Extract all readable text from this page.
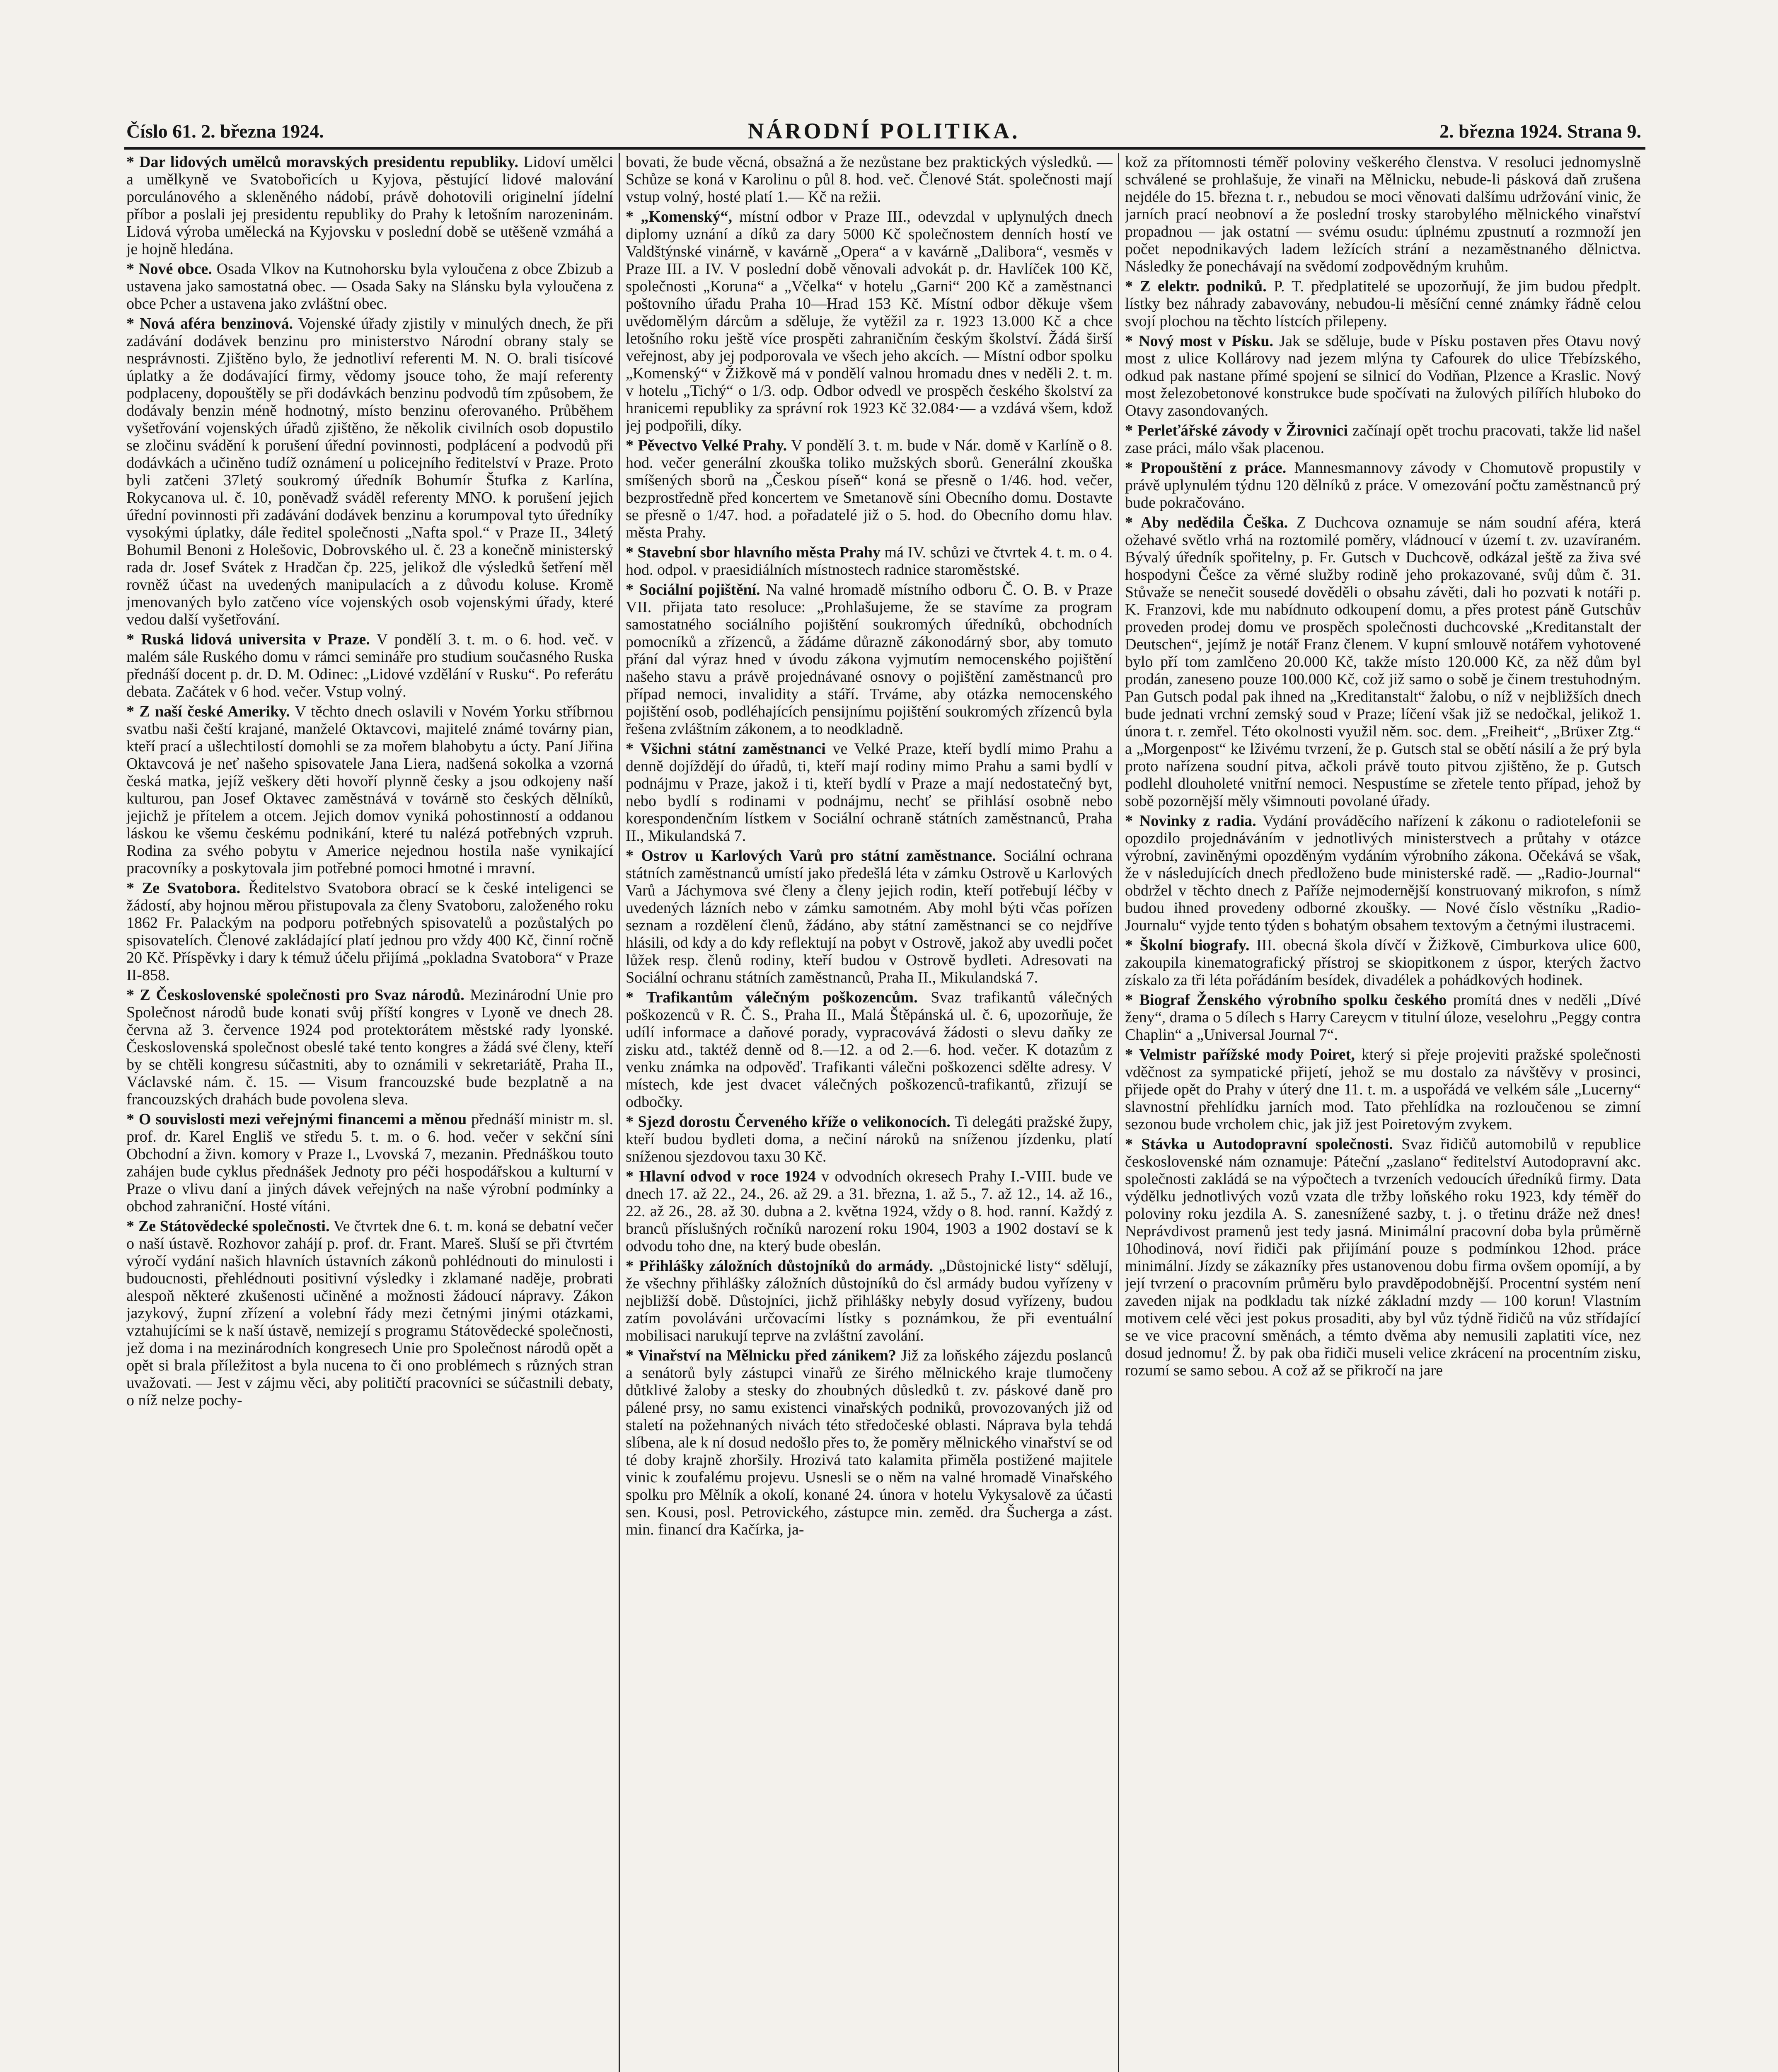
Číslo 61. 2. března 1924.	NÁRODNÍ POLITIKA.	2. března 1924. Strana 9.

* Dar lidových umělců moravských presidentu republiky. Lidoví umělci a umělkyně ve Svatobořicích u Kyjova, pěstující lidové malování porculánového a skleněného nádobí, právě dohotovili originelní jídelní příbor a poslali jej presidentu republiky do Prahy k letošním narozeninám. Lidová výroba umělecká na Kyjovsku v poslední době se utěšeně vzmáhá a je hojně hledána.

* Nové obce. Osada Vlkov na Kutnohorsku byla vyloučena z obce Zbizub a ustavena jako samostatná obec. — Osada Saky na Slánsku byla vyloučena z obce Pcher a ustavena jako zvláštní obec.

* Nová aféra benzinová. Vojenské úřady zjistily v minulých dnech, že při zadávání dodávek benzinu pro ministerstvo Národní obrany staly se nesprávnosti. Zjištěno bylo, že jednotliví referenti M. N. O. brali tisícové úplatky a že dodávající firmy, vědomy jsouce toho, že mají referenty podplaceny, dopouštěly se při dodávkách benzinu podvodů tím způsobem, že dodávaly benzin méně hodnotný, místo benzinu oferovaného. Průběhem vyšetřování vojenských úřadů zjištěno, že několik civilních osob dopustilo se zločinu svádění k porušení úřední povinnosti, podplácení a podvodů při dodávkách a učiněno tudíž oznámení u policejního ředitelství v Praze. Proto byli zatčeni 37letý soukromý úředník Bohumír Štufka z Karlína, Rokycanova ul. č. 10, poněvadž sváděl referenty MNO. k porušení jejich úřední povinnosti při zadávání dodávek benzinu a korumpoval tyto úředníky vysokými úplatky, dále ředitel společnosti „Nafta spol.“ v Praze II., 34letý Bohumil Benoni z Holešovic, Dobrovského ul. č. 23 a konečně ministerský rada dr. Josef Svátek z Hradčan čp. 225, jelikož dle výsledků šetření měl rovněž účast na uvedených manipulacích a z důvodu koluse. Kromě jmenovaných bylo zatčeno více vojenských osob vojenskými úřady, které vedou další vyšetřování.

* Ruská lidová universita v Praze. V pondělí 3. t. m. o 6. hod. več. v malém sále Ruského domu v rámci semináře pro studium současného Ruska přednáší docent p. dr. D. M. Odinec: „Lidové vzdělání v Rusku“. Po referátu debata. Začátek v 6 hod. večer. Vstup volný.

* Z naší české Ameriky. V těchto dnech oslavili v Novém Yorku stříbrnou svatbu naši čeští krajané, manželé Oktavcovi, majitelé známé továrny pian, kteří prací a ušlechtilostí domohli se za mořem blahobytu a úcty. Paní Jiřina Oktavcová je neť našeho spisovatele Jana Liera, nadšená sokolka a vzorná česká matka, jejíž veškery děti hovoří plynně česky a jsou odkojeny naší kulturou, pan Josef Oktavec zaměstnává v továrně sto českých dělníků, jejichž je přítelem a otcem. Jejich domov vyniká pohostinností a oddanou láskou ke všemu českému podnikání, které tu nalézá potřebných vzpruh. Rodina za svého pobytu v Americe nejednou hostila naše vynikající pracovníky a poskytovala jim potřebné pomoci hmotné i mravní.

* Ze Svatobora. Ředitelstvo Svatobora obrací se k české inteligenci se žádostí, aby hojnou měrou přistupovala za členy Svatoboru, založeného roku 1862 Fr. Palackým na podporu potřebných spisovatelů a pozůstalých po spisovatelích. Členové zakládající platí jednou pro vždy 400 Kč, činní ročně 20 Kč. Příspěvky i dary k témuž účelu přijímá „pokladna Svatobora“ v Praze II-858.

* Z Československé společnosti pro Svaz národů. Mezinárodní Unie pro Společnost národů bude konati svůj příští kongres v Lyoně ve dnech 28. června až 3. července 1924 pod protektorátem městské rady lyonské. Československá společnost obeslé také tento kongres a žádá své členy, kteří by se chtěli kongresu súčastniti, aby to oznámili v sekretariátě, Praha II., Václavské nám. č. 15. — Visum francouzské bude bezplatně a na francouzských drahách bude povolena sleva.

* O souvislosti mezi veřejnými financemi a měnou přednáší ministr m. sl. prof. dr. Karel Engliš ve středu 5. t. m. o 6. hod. večer v sekční síni Obchodní a živn. komory v Praze I., Lvovská 7, mezanin. Přednáškou touto zahájen bude cyklus přednášek Jednoty pro péči hospodářskou a kulturní v Praze o vlivu daní a jiných dávek veřejných na naše výrobní podmínky a obchod zahraniční. Hosté vítáni.

* Ze Státovědecké společnosti. Ve čtvrtek dne 6. t. m. koná se debatní večer o naší ústavě. Rozhovor zahájí p. prof. dr. Frant. Mareš. Sluší se při čtvrtém výročí vydání našich hlavních ústavních zákonů pohlédnouti do minulosti i budoucnosti, přehlédnouti positivní výsledky i zklamané naděje, probrati alespoň některé zkušenosti učiněné a možnosti žádoucí nápravy. Zákon jazykový, župní zřízení a volební řády mezi četnými jinými otázkami, vztahujícími se k naší ústavě, nemizejí s programu Státovědecké společnosti, jež doma i na mezinárodních kongresech Unie pro Společnost národů opět a opět si brala příležitost a byla nucena to či ono problémech s různých stran uvažovati. — Jest v zájmu věci, aby političtí pracovníci se súčastnili debaty, o níž nelze pochy-

bovati, že bude věcná, obsažná a že nezůstane bez praktických výsledků. — Schůze se koná v Karolinu o půl 8. hod. več. Členové Stát. společnosti mají vstup volný, hosté platí 1.— Kč na režii.

* „Komenský“, místní odbor v Praze III., odevzdal v uplynulých dnech diplomy uznání a díků za dary 5000 Kč společnostem denních hostí ve Valdštýnské vinárně, v kavárně „Opera“ a v kavárně „Dalibora“, vesměs v Praze III. a IV. V poslední době věnovali advokát p. dr. Havlíček 100 Kč, společnosti „Koruna“ a „Včelka“ v hotelu „Garni“ 200 Kč a zaměstnanci poštovního úřadu Praha 10—Hrad 153 Kč. Místní odbor děkuje všem uvědomělým dárcům a sděluje, že vytěžil za r. 1923 13.000 Kč a chce letošního roku ještě více prospěti zahraničním českým školství. Žádá širší veřejnost, aby jej podporovala ve všech jeho akcích. — Místní odbor spolku „Komenský“ v Žižkově má v pondělí valnou hromadu dnes v neděli 2. t. m. v hotelu „Tichý“ o 1/3. odp. Odbor odvedl ve prospěch českého školství za hranicemi republiky za správní rok 1923 Kč 32.084·— a vzdává všem, kdož jej podpořili, díky.

* Pěvectvo Velké Prahy. V pondělí 3. t. m. bude v Nár. domě v Karlíně o 8. hod. večer generální zkouška toliko mužských sborů. Generální zkouška smíšených sborů na „Českou píseň“ koná se přesně o 1/46. hod. večer, bezprostředně před koncertem ve Smetanově síni Obecního domu. Dostavte se přesně o 1/47. hod. a pořadatelé již o 5. hod. do Obecního domu hlav. města Prahy.

* Stavební sbor hlavního města Prahy má IV. schůzi ve čtvrtek 4. t. m. o 4. hod. odpol. v praesidiálních místnostech radnice staroměstské.

* Sociální pojištění. Na valné hromadě místního odboru Č. O. B. v Praze VII. přijata tato resoluce: „Prohlašujeme, že se stavíme za program samostatného sociálního pojištění soukromých úředníků, obchodních pomocníků a zřízenců, a žádáme důrazně zákonodárný sbor, aby tomuto přání dal výraz hned v úvodu zákona vyjmutím nemocenského pojištění našeho stavu a právě projednávané osnovy o pojištění zaměstnanců pro případ nemoci, invalidity a stáří. Trváme, aby otázka nemocenského pojištění osob, podléhajících pensijnímu pojištění soukromých zřízenců byla řešena zvláštním zákonem, a to neodkladně.

* Všichni státní zaměstnanci ve Velké Praze, kteří bydlí mimo Prahu a denně dojíždějí do úřadů, ti, kteří mají rodiny mimo Prahu a sami bydlí v podnájmu v Praze, jakož i ti, kteří bydlí v Praze a mají nedostatečný byt, nebo bydlí s rodinami v podnájmu, nechť se přihlásí osobně nebo korespondenčním lístkem v Sociální ochraně státních zaměstnanců, Praha II., Mikulandská 7.

* Ostrov u Karlových Varů pro státní zaměstnance. Sociální ochrana státních zaměstnanců umístí jako předešlá léta v zámku Ostrově u Karlových Varů a Jáchymova své členy a členy jejich rodin, kteří potřebují léčby v uvedených lázních nebo v zámku samotném. Aby mohl býti včas pořízen seznam a rozdělení členů, žádáno, aby státní zaměstnanci se co nejdříve hlásili, od kdy a do kdy reflektují na pobyt v Ostrově, jakož aby uvedli počet lůžek resp. členů rodiny, kteří budou v Ostrově bydleti. Adresovati na Sociální ochranu státních zaměstnanců, Praha II., Mikulandská 7.

* Trafikantům válečným poškozencům. Svaz trafikantů válečných poškozenců v R. Č. S., Praha II., Malá Štěpánská ul. č. 6, upozorňuje, že udílí informace a daňové porady, vypracovává žádosti o slevu daňky ze zisku atd., taktéž denně od 8.—12. a od 2.—6. hod. večer. K dotazům z venku známka na odpověď. Trafikanti válečni poškozenci sdělte adresy. V místech, kde jest dvacet válečných poškozenců-trafikantů, zřizují se odbočky.

* Sjezd dorostu Červeného kříže o velikonocích. Ti delegáti pražské župy, kteří budou bydleti doma, a nečiní nároků na sníženou jízdenku, platí sníženou sjezdovou taxu 30 Kč.

* Hlavní odvod v roce 1924 v odvodních okresech Prahy I.-VIII. bude ve dnech 17. až 22., 24., 26. až 29. a 31. března, 1. až 5., 7. až 12., 14. až 16., 22. až 26., 28. až 30. dubna a 2. května 1924, vždy o 8. hod. ranní. Každý z branců příslušných ročníků narození roku 1904, 1903 a 1902 dostaví se k odvodu toho dne, na který bude obeslán.

* Přihlášky záložních důstojníků do armády. „Důstojnické listy“ sdělují, že všechny přihlášky záložních důstojníků do čsl armády budou vyřízeny v nejbližší době. Důstojníci, jichž přihlášky nebyly dosud vyřízeny, budou zatím povoláváni určovacími lístky s poznámkou, že při eventuální mobilisaci narukují teprve na zvláštní zavolání.

* Vinařství na Mělnicku před zánikem? Již za loňského zájezdu poslanců a senátorů byly zástupci vinařů ze širého mělnického kraje tlumočeny důtklivé žaloby a stesky do zhoubných důsledků t. zv. páskové daně pro pálené prsy, no samu existenci vinařských podniků, provozovaných již od staletí na požehnaných nivách této středočeské oblasti. Náprava byla tehdá slíbena, ale k ní dosud nedošlo přes to, že poměry mělnického vinařství se od té doby krajně zhoršily. Hrozivá tato kalamita přiměla postižené majitele vinic k zoufalému projevu. Usnesli se o něm na valné hromadě Vinařského spolku pro Mělník a okolí, konané 24. února v hotelu Vykysalově za účasti sen. Kousi, posl. Petrovického, zástupce min. zeměd. dra Šucherga a zást. min. financí dra Kačírka, ja-

kož za přítomnosti téměř poloviny veškerého členstva. V resoluci jednomyslně schválené se prohlašuje, že vinaři na Mělnicku, nebude-li pásková daň zrušena nejdéle do 15. března t. r., nebudou se moci věnovati dalšímu udržování vinic, že jarních prací neobnoví a že poslední trosky starobylého mělnického vinařství propadnou — jak ostatní — svému osudu: úplnému zpustnutí a rozmnoží jen počet nepodnikavých ladem ležících strání a nezaměstnaného dělnictva. Následky že ponechávají na svědomí zodpovědným kruhům.

* Z elektr. podniků. P. T. předplatitelé se upozorňují, že jim budou předplt. lístky bez náhrady zabavovány, nebudou-li měsíční cenné známky řádně celou svojí plochou na těchto lístcích přilepeny.

* Nový most v Písku. Jak se sděluje, bude v Písku postaven přes Otavu nový most z ulice Kollárovy nad jezem mlýna ty Cafourek do ulice Třebízského, odkud pak nastane přímé spojení se silnicí do Vodňan, Plzence a Kraslic. Nový most železobetonové konstrukce bude spočívati na žulových pilířích hluboko do Otavy zasondovaných.

* Perleťářské závody v Žirovnici začínají opět trochu pracovati, takže lid našel zase práci, málo však placenou.

* Propouštění z práce. Mannesmannovy závody v Chomutově propustily v právě uplynulém týdnu 120 dělníků z práce. V omezování počtu zaměstnanců prý bude pokračováno.

* Aby nedědila Češka. Z Duchcova oznamuje se nám soudní aféra, která ožehavé světlo vrhá na roztomilé poměry, vládnoucí v území t. zv. uzavíraném. Bývalý úředník spořitelny, p. Fr. Gutsch v Duchcově, odkázal ještě za živa své hospodyni Češce za věrné služby rodině jeho prokazované, svůj dům č. 31. Stůvaže se nenečit sousedé dověděli o obsahu závěti, dali ho pozvati k notáři p. K. Franzovi, kde mu nabídnuto odkoupení domu, a přes protest páně Gutschův proveden prodej domu ve prospěch společnosti duchcovské „Kreditanstalt der Deutschen“, jejímž je notář Franz členem. V kupní smlouvě notářem vyhotovené bylo pří tom zamlčeno 20.000 Kč, takže místo 120.000 Kč, za něž dům byl prodán, zaneseno pouze 100.000 Kč, což již samo o sobě je činem trestuhodným. Pan Gutsch podal pak ihned na „Kreditanstalt“ žalobu, o níž v nejbližších dnech bude jednati vrchní zemský soud v Praze; líčení však již se nedočkal, jelikož 1. února t. r. zemřel. Této okolnosti využil něm. soc. dem. „Freiheit“, „Brüxer Ztg.“ a „Morgenpost“ ke lživému tvrzení, že p. Gutsch stal se obětí násilí a že prý byla proto nařízena soudní pitva, ačkoli právě touto pitvou zjištěno, že p. Gutsch podlehl dlouholeté vnitřní nemoci. Nespustíme se zřetele tento případ, jehož by sobě pozornější měly všimnouti povolané úřady.

* Novinky z radia. Vydání prováděcího nařízení k zákonu o radiotelefonii se opozdilo projednáváním v jednotlivých ministerstvech a průtahy v otázce výrobní, zaviněnými opozděným vydáním výrobního zákona. Očekává se však, že v následujících dnech předloženo bude ministerské radě. — „Radio-Journal“ obdržel v těchto dnech z Paříže nejmodernější konstruovaný mikrofon, s nímž budou ihned provedeny odborné zkoušky. — Nové číslo věstníku „Radio-Journalu“ vyjde tento týden s bohatým obsahem textovým a četnými ilustracemi.

* Školní biografy. III. obecná škola dívčí v Žižkově, Cimburkova ulice 600, zakoupila kinematografický přístroj se skiopitkonem z úspor, kterých žactvo získalo za tři léta pořádáním besídek, divadélek a pohádkových hodinek.

* Biograf Ženského výrobního spolku českého promítá dnes v neděli „Dívé ženy“, drama o 5 dílech s Harry Careycm v titulní úloze, veselohru „Peggy contra Chaplin“ a „Universal Journal 7“.

* Velmistr pařížské mody Poiret, který si přeje projeviti pražské společnosti vděčnost za sympatické přijetí, jehož se mu dostalo za návštěvy v prosinci, přijede opět do Prahy v úterý dne 11. t. m. a uspořádá ve velkém sále „Lucerny“ slavnostní přehlídku jarních mod. Tato přehlídka na rozloučenou se zimní sezonou bude vrcholem chic, jak již jest Poiretovým zvykem.

* Stávka u Autodopravní společnosti. Svaz řidičů automobilů v republice československé nám oznamuje: Páteční „zaslano“ ředitelství Autodopravní akc. společnosti zakládá se na výpočtech a tvrzeních vedoucích úředníků firmy. Data výdělku jednotlivých vozů vzata dle tržby loňského roku 1923, kdy téměř do poloviny roku jezdila A. S. zanesnížené sazby, t. j. o třetinu dráže než dnes! Neprávdivost pramenů jest tedy jasná. Minimální pracovní doba byla průměrně 10hodinová, noví řidiči pak přijímání pouze s podmínkou 12hod. práce minimální. Jízdy se zákazníky přes ustanovenou dobu firma ovšem opomíjí, a by její tvrzení o pracovním průměru bylo pravděpodobnější. Procentní systém není zaveden nijak na podkladu tak nízké základní mzdy — 100 korun! Vlastním motivem celé věci jest pokus prosaditi, aby byl vůz týdně řidičů na vůz střídající se ve vice pracovní směnách, a témto dvěma aby nemusili zaplatiti více, nez dosud jednomu! Ž. by pak oba řidiči museli velice zkrácení na procentním zisku, rozumí se samo sebou. A což až se přikročí na jare
